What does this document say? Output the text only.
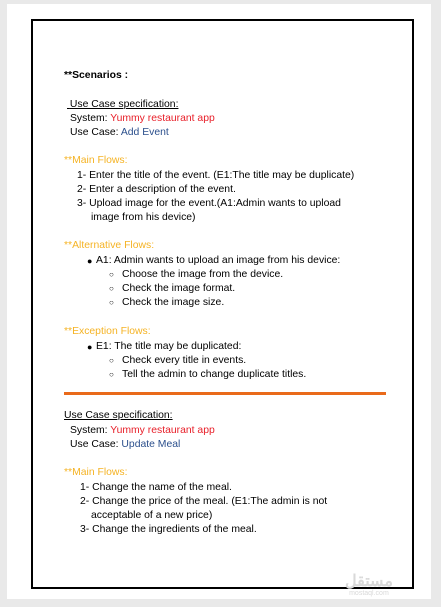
**Scenarios :
Use Case specification:
System: Yummy restaurant app
Use Case: Add Event
**Main Flows:
1- Enter the title of the event. (E1:The title may be duplicate)
2- Enter a description of the event.
3- Upload image for the event.(A1:Admin wants to upload
image from his device)
**Alternative Flows:
● A1: Admin wants to upload an image from his device:
○ Choose the image from the device.
○ Check the image format.
○ Check the image size.
**Exception Flows:
● E1: The title may be duplicated:
○ Check every title in events.
○ Tell the admin to change duplicate titles.
Use Case specification:
System: Yummy restaurant app
Use Case: Update Meal
**Main Flows:
1- Change the name of the meal.
2- Change the price of the meal. (E1:The admin is not
acceptable of a new price)
3- Change the ingredients of the meal.
مستقل
mostaql.com
